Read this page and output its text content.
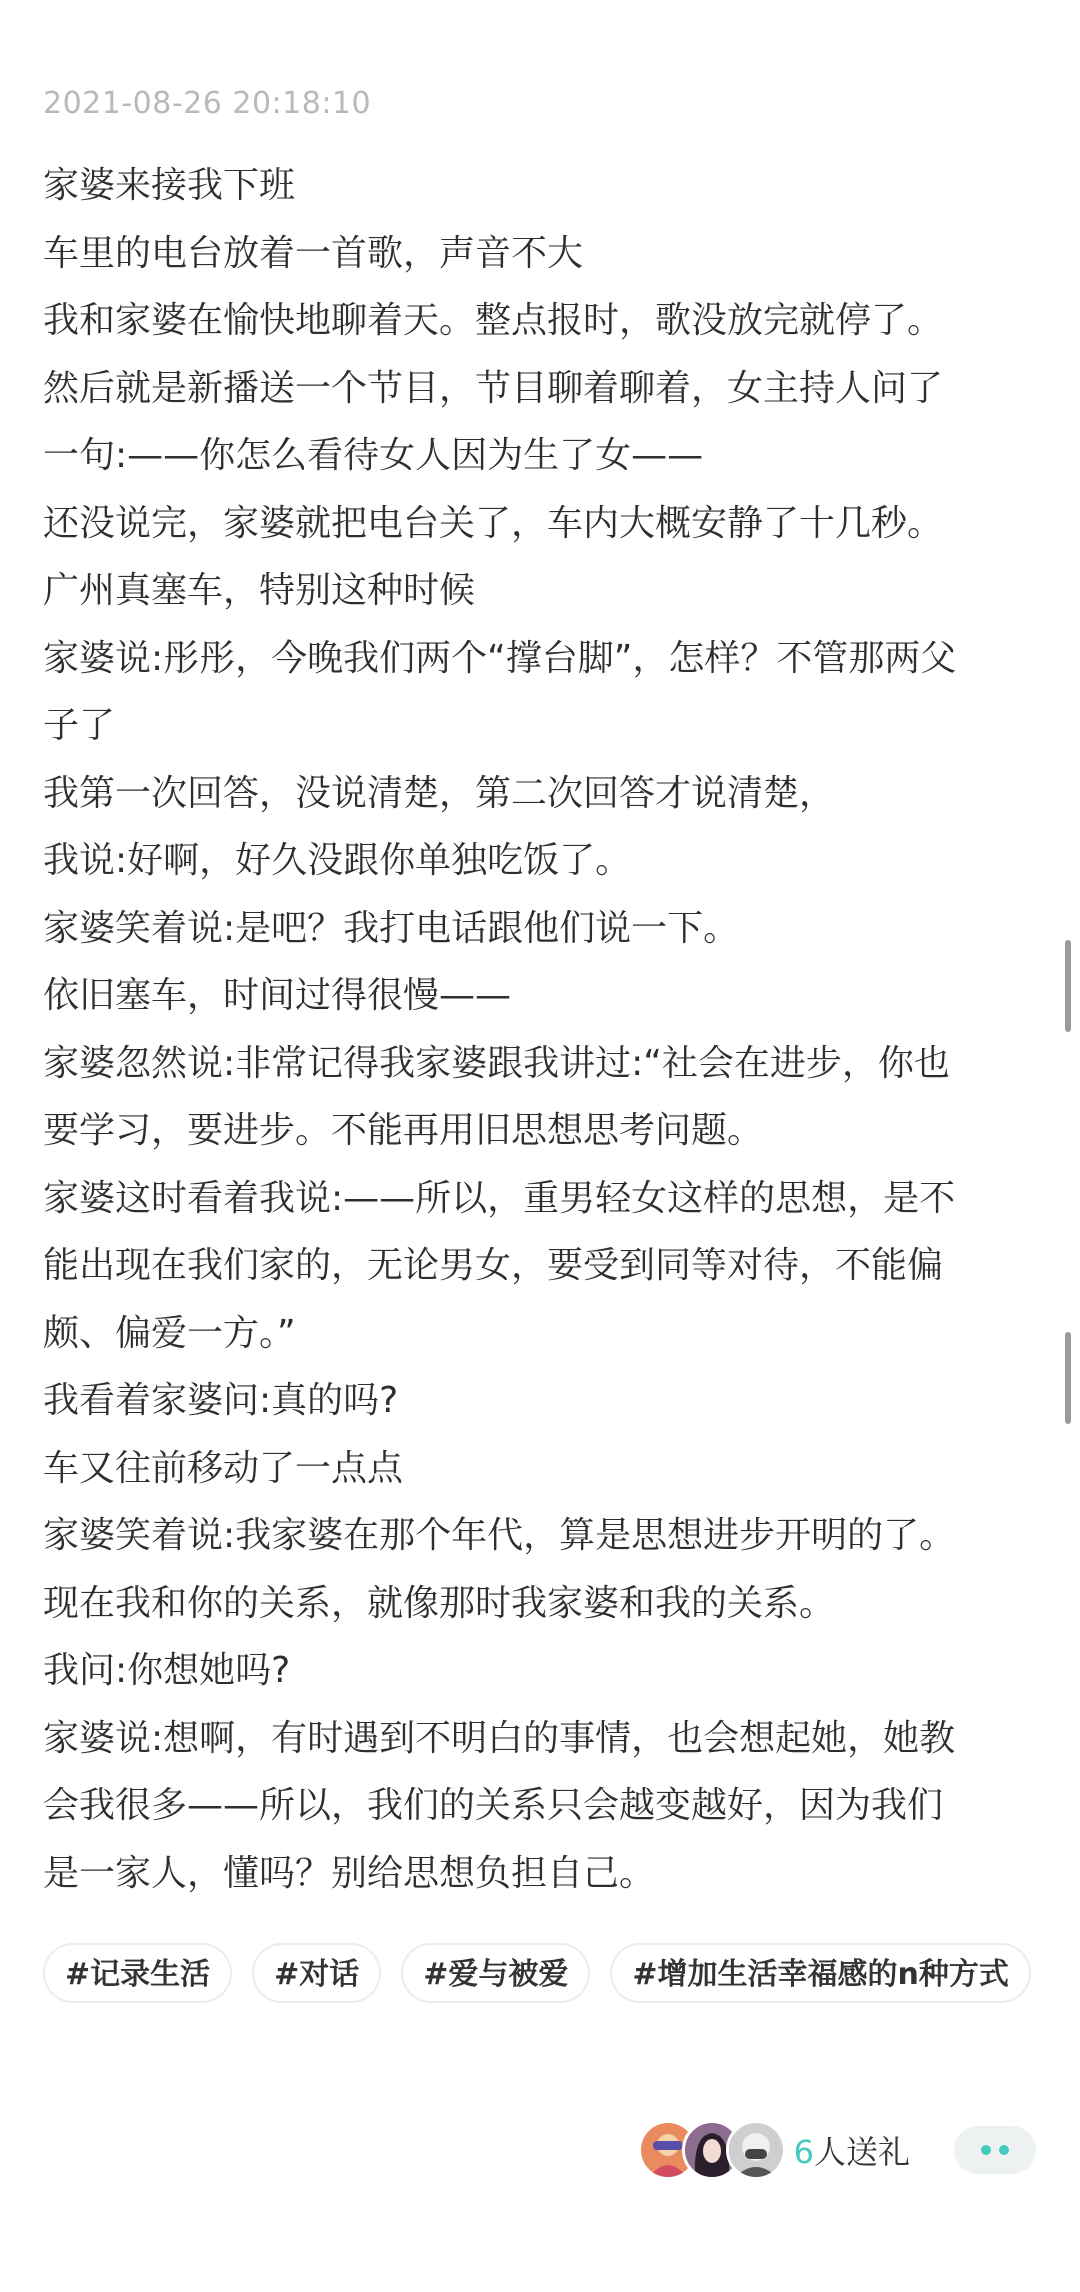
2021-08-26 20:18:10
家婆来接我下班
车里的电台放着一首歌，声音不大
我和家婆在愉快地聊着天。整点报时，歌没放完就停了。
然后就是新播送一个节目，节目聊着聊着，女主持人问了
一句:——你怎么看待女人因为生了女——
还没说完，家婆就把电台关了，车内大概安静了十几秒。
广州真塞车，特别这种时候
家婆说:彤彤，今晚我们两个“撑台脚”，怎样？不管那两父
子了
我第一次回答，没说清楚，第二次回答才说清楚，
我说:好啊，好久没跟你单独吃饭了。
家婆笑着说:是吧？我打电话跟他们说一下。
依旧塞车，时间过得很慢——
家婆忽然说:非常记得我家婆跟我讲过:“社会在进步，你也
要学习，要进步。不能再用旧思想思考问题。
家婆这时看着我说:——所以，重男轻女这样的思想，是不
能出现在我们家的，无论男女，要受到同等对待，不能偏
颇、偏爱一方。”
我看着家婆问:真的吗?
车又往前移动了一点点
家婆笑着说:我家婆在那个年代，算是思想进步开明的了。
现在我和你的关系，就像那时我家婆和我的关系。
我问:你想她吗?
家婆说:想啊，有时遇到不明白的事情，也会想起她，她教
会我很多——所以，我们的关系只会越变越好，因为我们
是一家人，懂吗？别给思想负担自己。
#记录生活	#对话	#爱与被爱	#增加生活幸福感的n种方式
6人送礼
